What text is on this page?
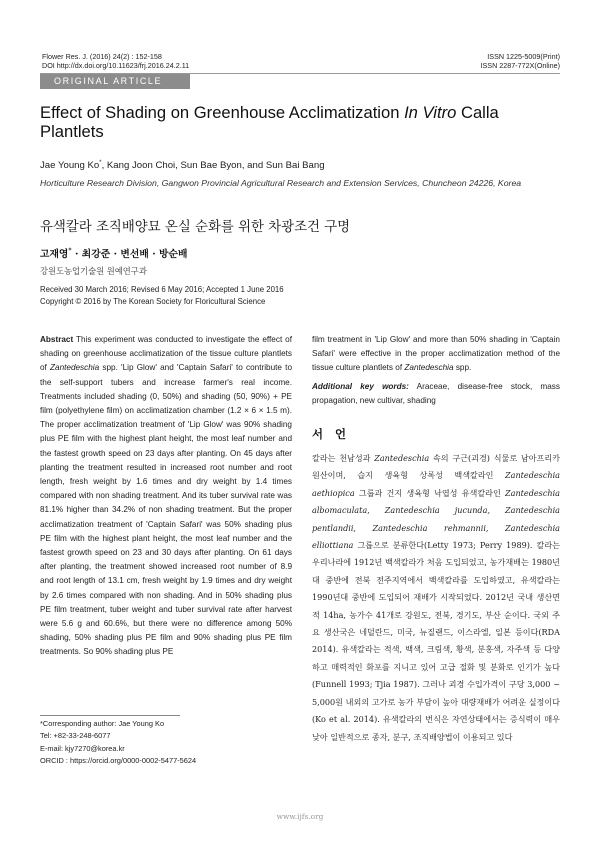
Flower Res. J. (2016) 24(2) : 152-158
DOI http://dx.doi.org/10.11623/frj.2016.24.2.11
ISSN 1225-5009(Print)
ISSN 2287-772X(Online)
ORIGINAL ARTICLE
Effect of Shading on Greenhouse Acclimatization In Vitro Calla Plantlets
Jae Young Ko*, Kang Joon Choi, Sun Bae Byon, and Sun Bai Bang
Horticulture Research Division, Gangwon Provincial Agricultural Research and Extension Services, Chuncheon 24226, Korea
유색칼라 조직배양묘 온실 순화를 위한 차광조건 구명
고재영* · 최강준 · 변선배 · 방순배
강원도농업기술원 원예연구과
Received 30 March 2016; Revised 6 May 2016; Accepted 1 June 2016
Copyright © 2016 by The Korean Society for Floricultural Science
Abstract This experiment was conducted to investigate the effect of shading on greenhouse acclimatization of the tissue culture plantlets of Zantedeschia spp. 'Lip Glow' and 'Captain Safari' to contribute to the self-support tubers and increase farmer's real income. Treatments included shading (0, 50%) and shading (50, 90%) + PE film (polyethylene film) on acclimatization chamber (1.2 × 6 × 1.5 m). The proper acclimatization treatment of 'Lip Glow' was 90% shading plus PE film with the highest plant height, the most leaf number and the fastest growth speed on 23 days after planting. On 45 days after planting the treatment resulted in increased root number and root length, fresh weight by 1.6 times and dry weight by 1.4 times compared with non shading treatment. And its tuber survival rate was 81.1% higher than 34.2% of non shading treatment. But the proper acclimatization treatment of 'Captain Safari' was 50% shading plus PE film with the highest plant height, the most leaf number and the fastest growth speed on 23 and 30 days after planting. On 61 days after planting, the treatment showed increased root number of 8.9 and root length of 13.1 cm, fresh weight by 1.9 times and dry weight by 2.6 times compared with non shading. And in 50% shading plus PE film treatment, tuber weight and tuber survival rate after harvest were 5.6 g and 60.6%, but there were no difference among 50% shading, 50% shading plus PE film and 90% shading plus PE film treatments. So 90% shading plus PE
film treatment in 'Lip Glow' and more than 50% shading in 'Captain Safari' were effective in the proper acclimatization method of the tissue culture plantlets of Zantedeschia spp.
Additional key words: Araceae, disease-free stock, mass propagation, new cultivar, shading
서언
칼라는 천남성과 Zantedeschia 속의 구근(괴경) 식물로 남아프리카 원산이며, 습지 생육형 상록성 백색칼라인 Zantedeschia aethiopica 그룹과 건지 생육형 낙엽성 유색칼라인 Zantedeschia albomaculata, Zantedeschia jucunda, Zantedeschia pentlandii, Zantedeschia rehmannii, Zantedeschia elliottiana 그룹으로 분류한다(Letty 1973; Perry 1989). 칼라는 우리나라에 1912년 백색칼라가 처음 도입되었고, 농가재배는 1980년대 중반에 전북 전주지역에서 백색칼라를 도입하였고, 유색칼라는 1990년대 중반에 도입되어 재배가 시작되었다. 2012년 국내 생산면적 14ha, 농가수 41개로 강원도, 전북, 경기도, 부산 순이다. 국외 주요 생산국은 네덜란드, 미국, 뉴질랜드, 이스라엘, 일본 등이다(RDA 2014). 유색칼라는 적색, 백색, 크림색, 황색, 분홍색, 자주색 등 다양하고 매력적인 화포를 지니고 있어 고급 절화 및 분화로 인기가 높다(Funnell 1993; Tjia 1987). 그러나 괴경 수입가격이 구당 3,000 ~ 5,000원 내외의 고가로 농가 부담이 높아 대량재배가 어려운 실정이다(Ko et al. 2014). 유색칼라의 번식은 자연상태에서는 증식력이 매우 낮아 일반적으로 종자, 분구, 조직배양법이 이용되고 있다
*Corresponding author: Jae Young Ko
Tel: +82-33-248-6077
E-mail: kjy7270@korea.kr
ORCID : https://orcid.org/0000-0002-5477-5624
www.ijfs.org
